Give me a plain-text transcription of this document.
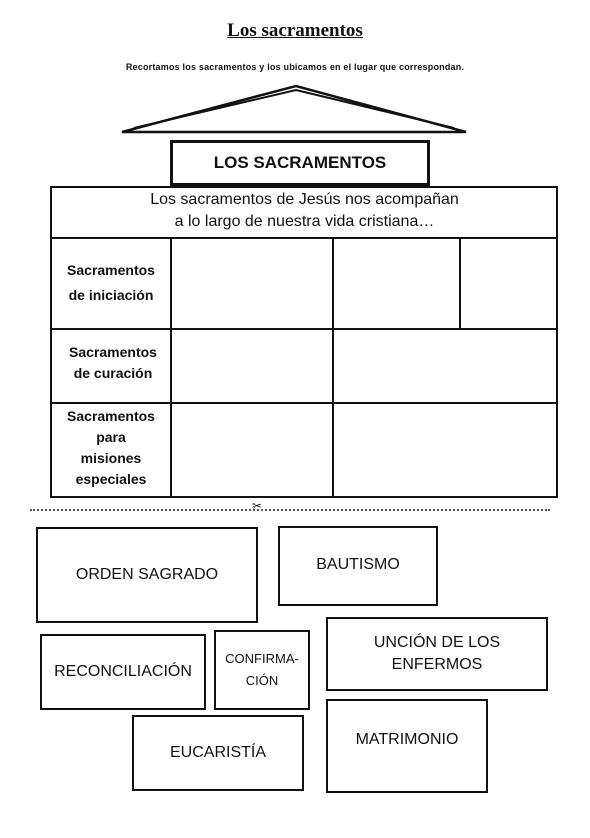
Los sacramentos
Recortamos los sacramentos y los ubicamos en el lugar que correspondan.
LOS SACRAMENTOS
Los sacramentos de Jesús nos acompañan
a lo largo de nuestra vida cristiana…
Sacramentos
de iniciación
Sacramentos
de curación
Sacramentos
para
misiones
especiales
✂
ORDEN SAGRADO
BAUTISMO
RECONCILIACIÓN
CONFIRMA-
CIÓN
UNCIÓN DE LOS
ENFERMOS
EUCARISTÍA
MATRIMONIO
